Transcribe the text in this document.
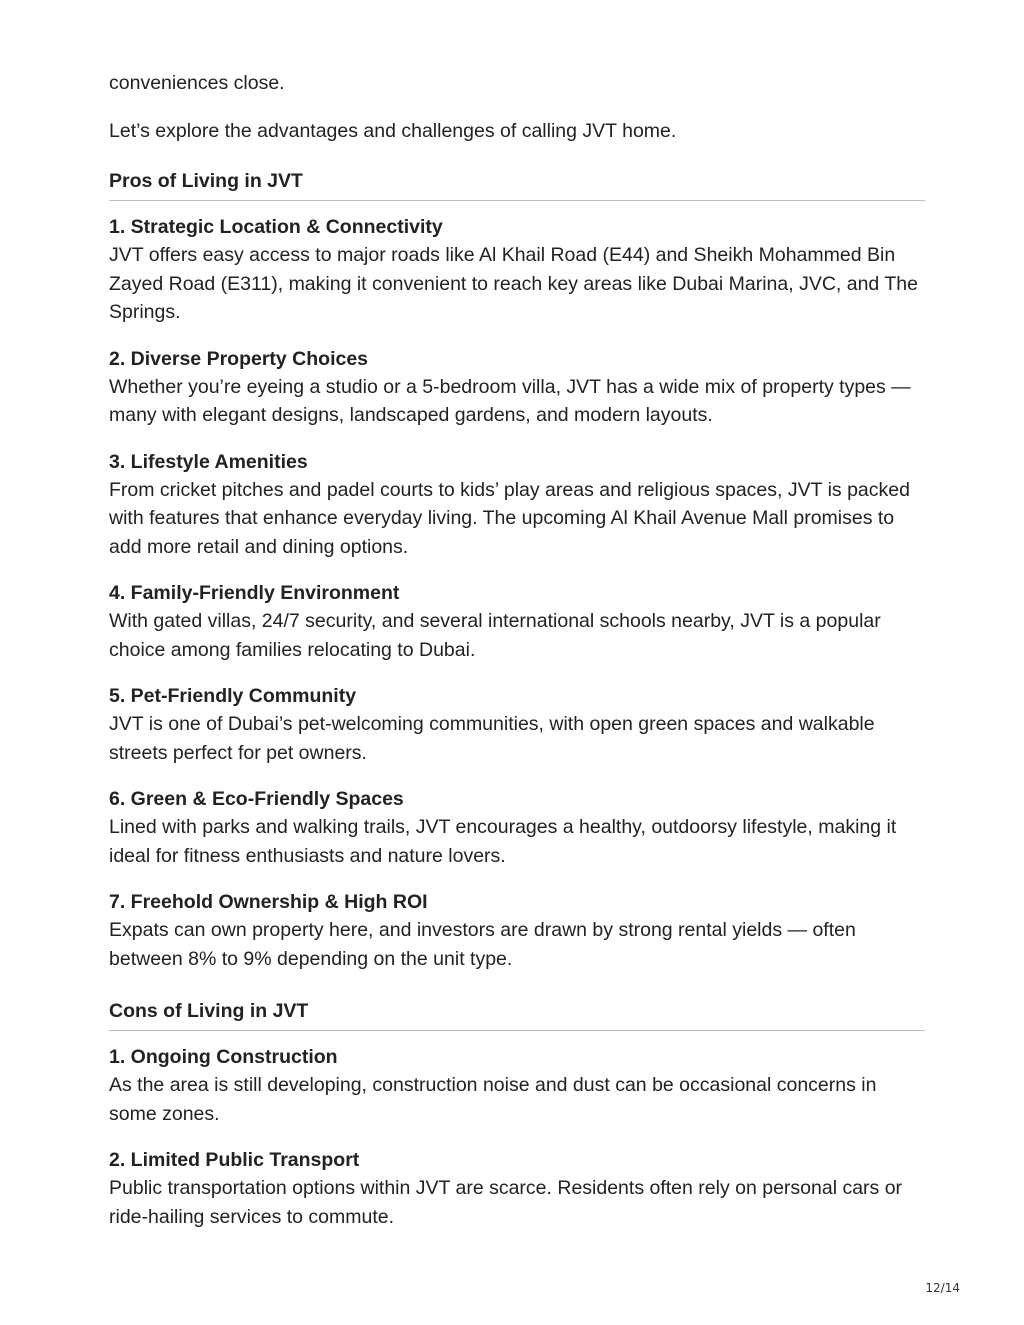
conveniences close.

Let’s explore the advantages and challenges of calling JVT home.

Pros of Living in JVT
1. Strategic Location & Connectivity

JVT offers easy access to major roads like Al Khail Road (E44) and Sheikh Mohammed Bin Zayed Road (E311), making it convenient to reach key areas like Dubai Marina, JVC, and The Springs.

2. Diverse Property Choices

Whether you’re eyeing a studio or a 5-bedroom villa, JVT has a wide mix of property types — many with elegant designs, landscaped gardens, and modern layouts.

3. Lifestyle Amenities

From cricket pitches and padel courts to kids’ play areas and religious spaces, JVT is packed with features that enhance everyday living. The upcoming Al Khail Avenue Mall promises to add more retail and dining options.

4. Family-Friendly Environment

With gated villas, 24/7 security, and several international schools nearby, JVT is a popular choice among families relocating to Dubai.

5. Pet-Friendly Community

JVT is one of Dubai’s pet-welcoming communities, with open green spaces and walkable streets perfect for pet owners.

6. Green & Eco-Friendly Spaces

Lined with parks and walking trails, JVT encourages a healthy, outdoorsy lifestyle, making it ideal for fitness enthusiasts and nature lovers.

7. Freehold Ownership & High ROI

Expats can own property here, and investors are drawn by strong rental yields — often between 8% to 9% depending on the unit type.

Cons of Living in JVT
1. Ongoing Construction

As the area is still developing, construction noise and dust can be occasional concerns in some zones.

2. Limited Public Transport

Public transportation options within JVT are scarce. Residents often rely on personal cars or ride-hailing services to commute.

12/14
